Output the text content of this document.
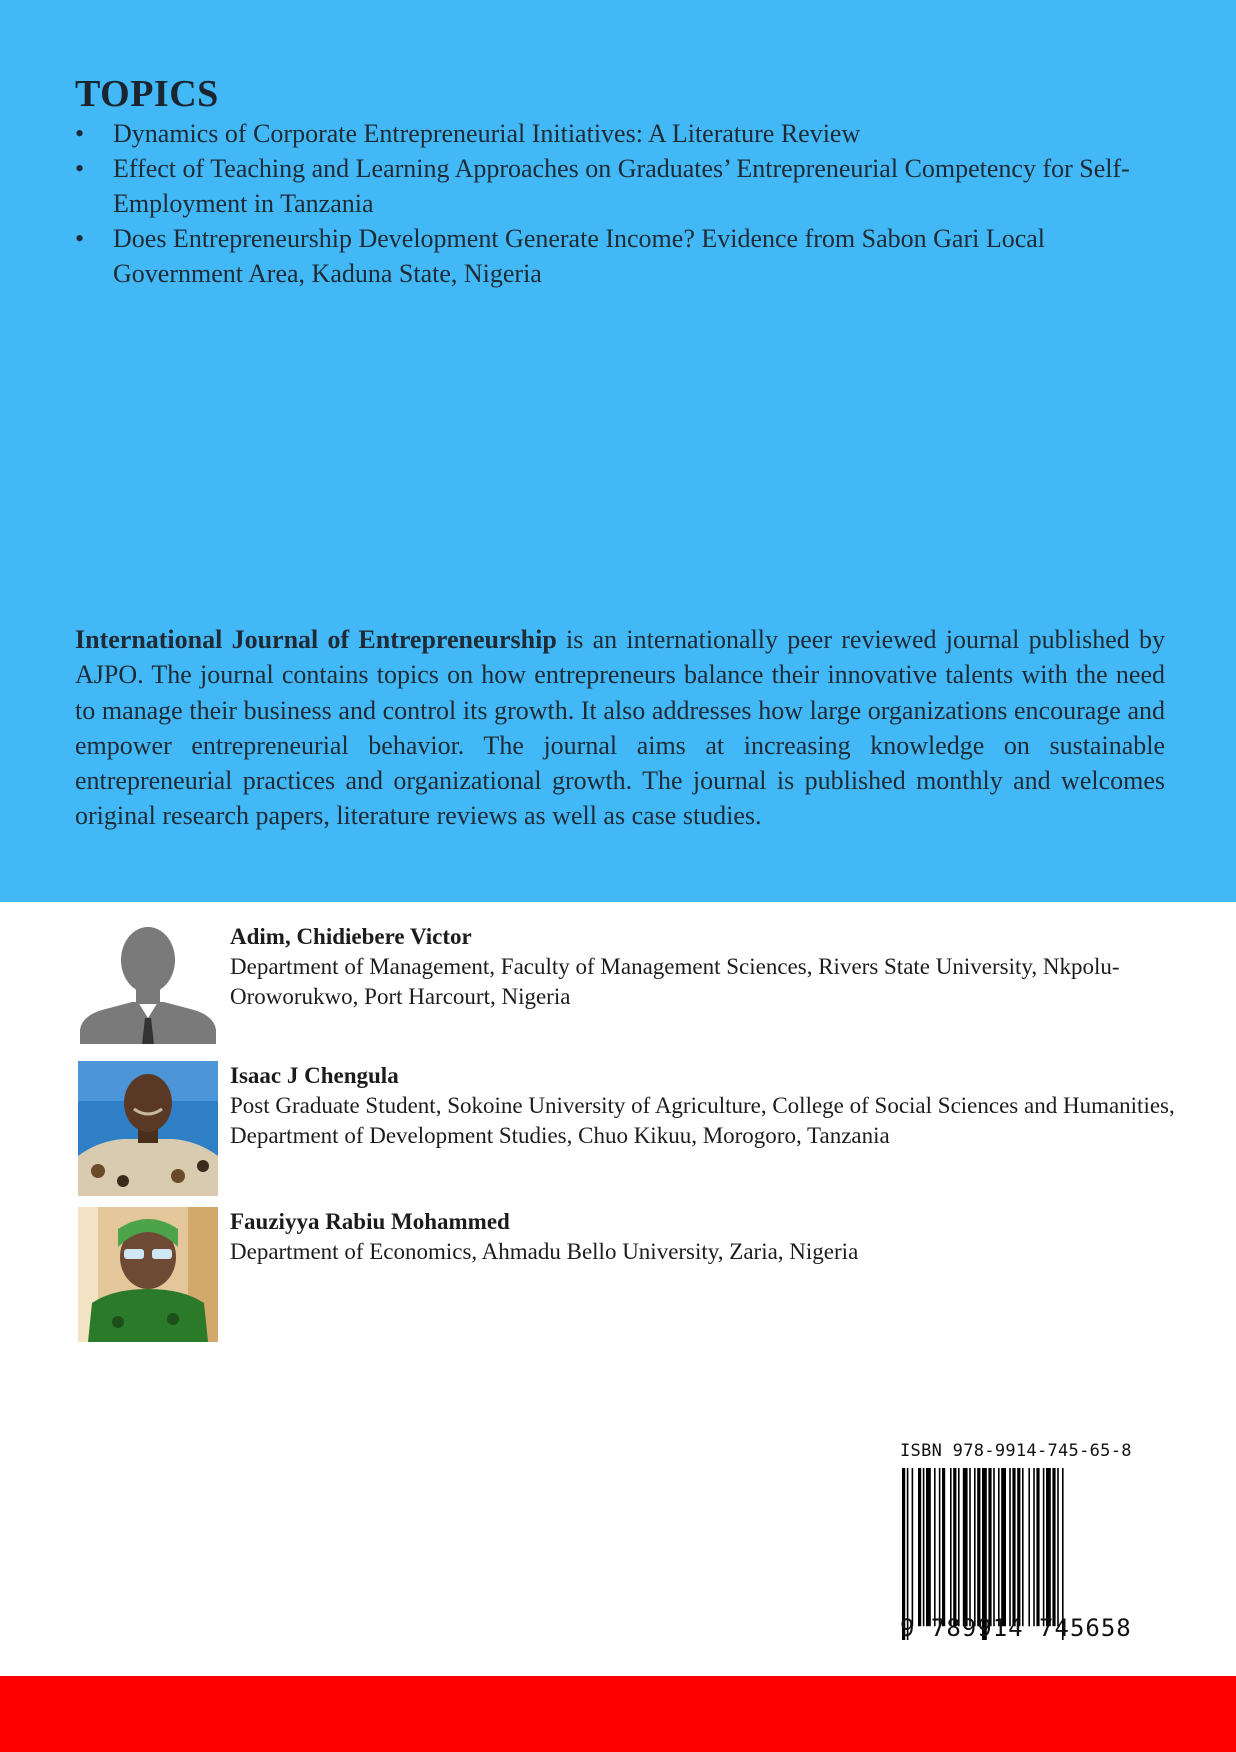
TOPICS
•	Dynamics of Corporate Entrepreneurial Initiatives: A Literature Review
•	Effect of Teaching and Learning Approaches on Graduates’ Entrepreneurial Competency for Self-Employment in Tanzania
•	Does Entrepreneurship Development Generate Income? Evidence from Sabon Gari Local Government Area, Kaduna State, Nigeria

International Journal of Entrepreneurship is an internationally peer reviewed journal published by AJPO. The journal contains topics on how entrepreneurs balance their innovative talents with the need to manage their business and control its growth. It also addresses how large organizations encourage and empower entrepreneurial behavior. The journal aims at increasing knowledge on sustainable entrepreneurial practices and organizational growth. The journal is published monthly and welcomes original research papers, literature reviews as well as case studies.

Adim, Chidiebere Victor
Department of Management, Faculty of Management Sciences, Rivers State University, Nkpolu-Oroworukwo, Port Harcourt, Nigeria
Isaac J Chengula
Post Graduate Student, Sokoine University of Agriculture, College of Social Sciences and Humanities, Department of Development Studies, Chuo Kikuu, Morogoro, Tanzania
Fauziyya Rabiu Mohammed
Department of Economics, Ahmadu Bello University, Zaria, Nigeria
ISBN 978-9914-745-65-8
9 789914 745658
